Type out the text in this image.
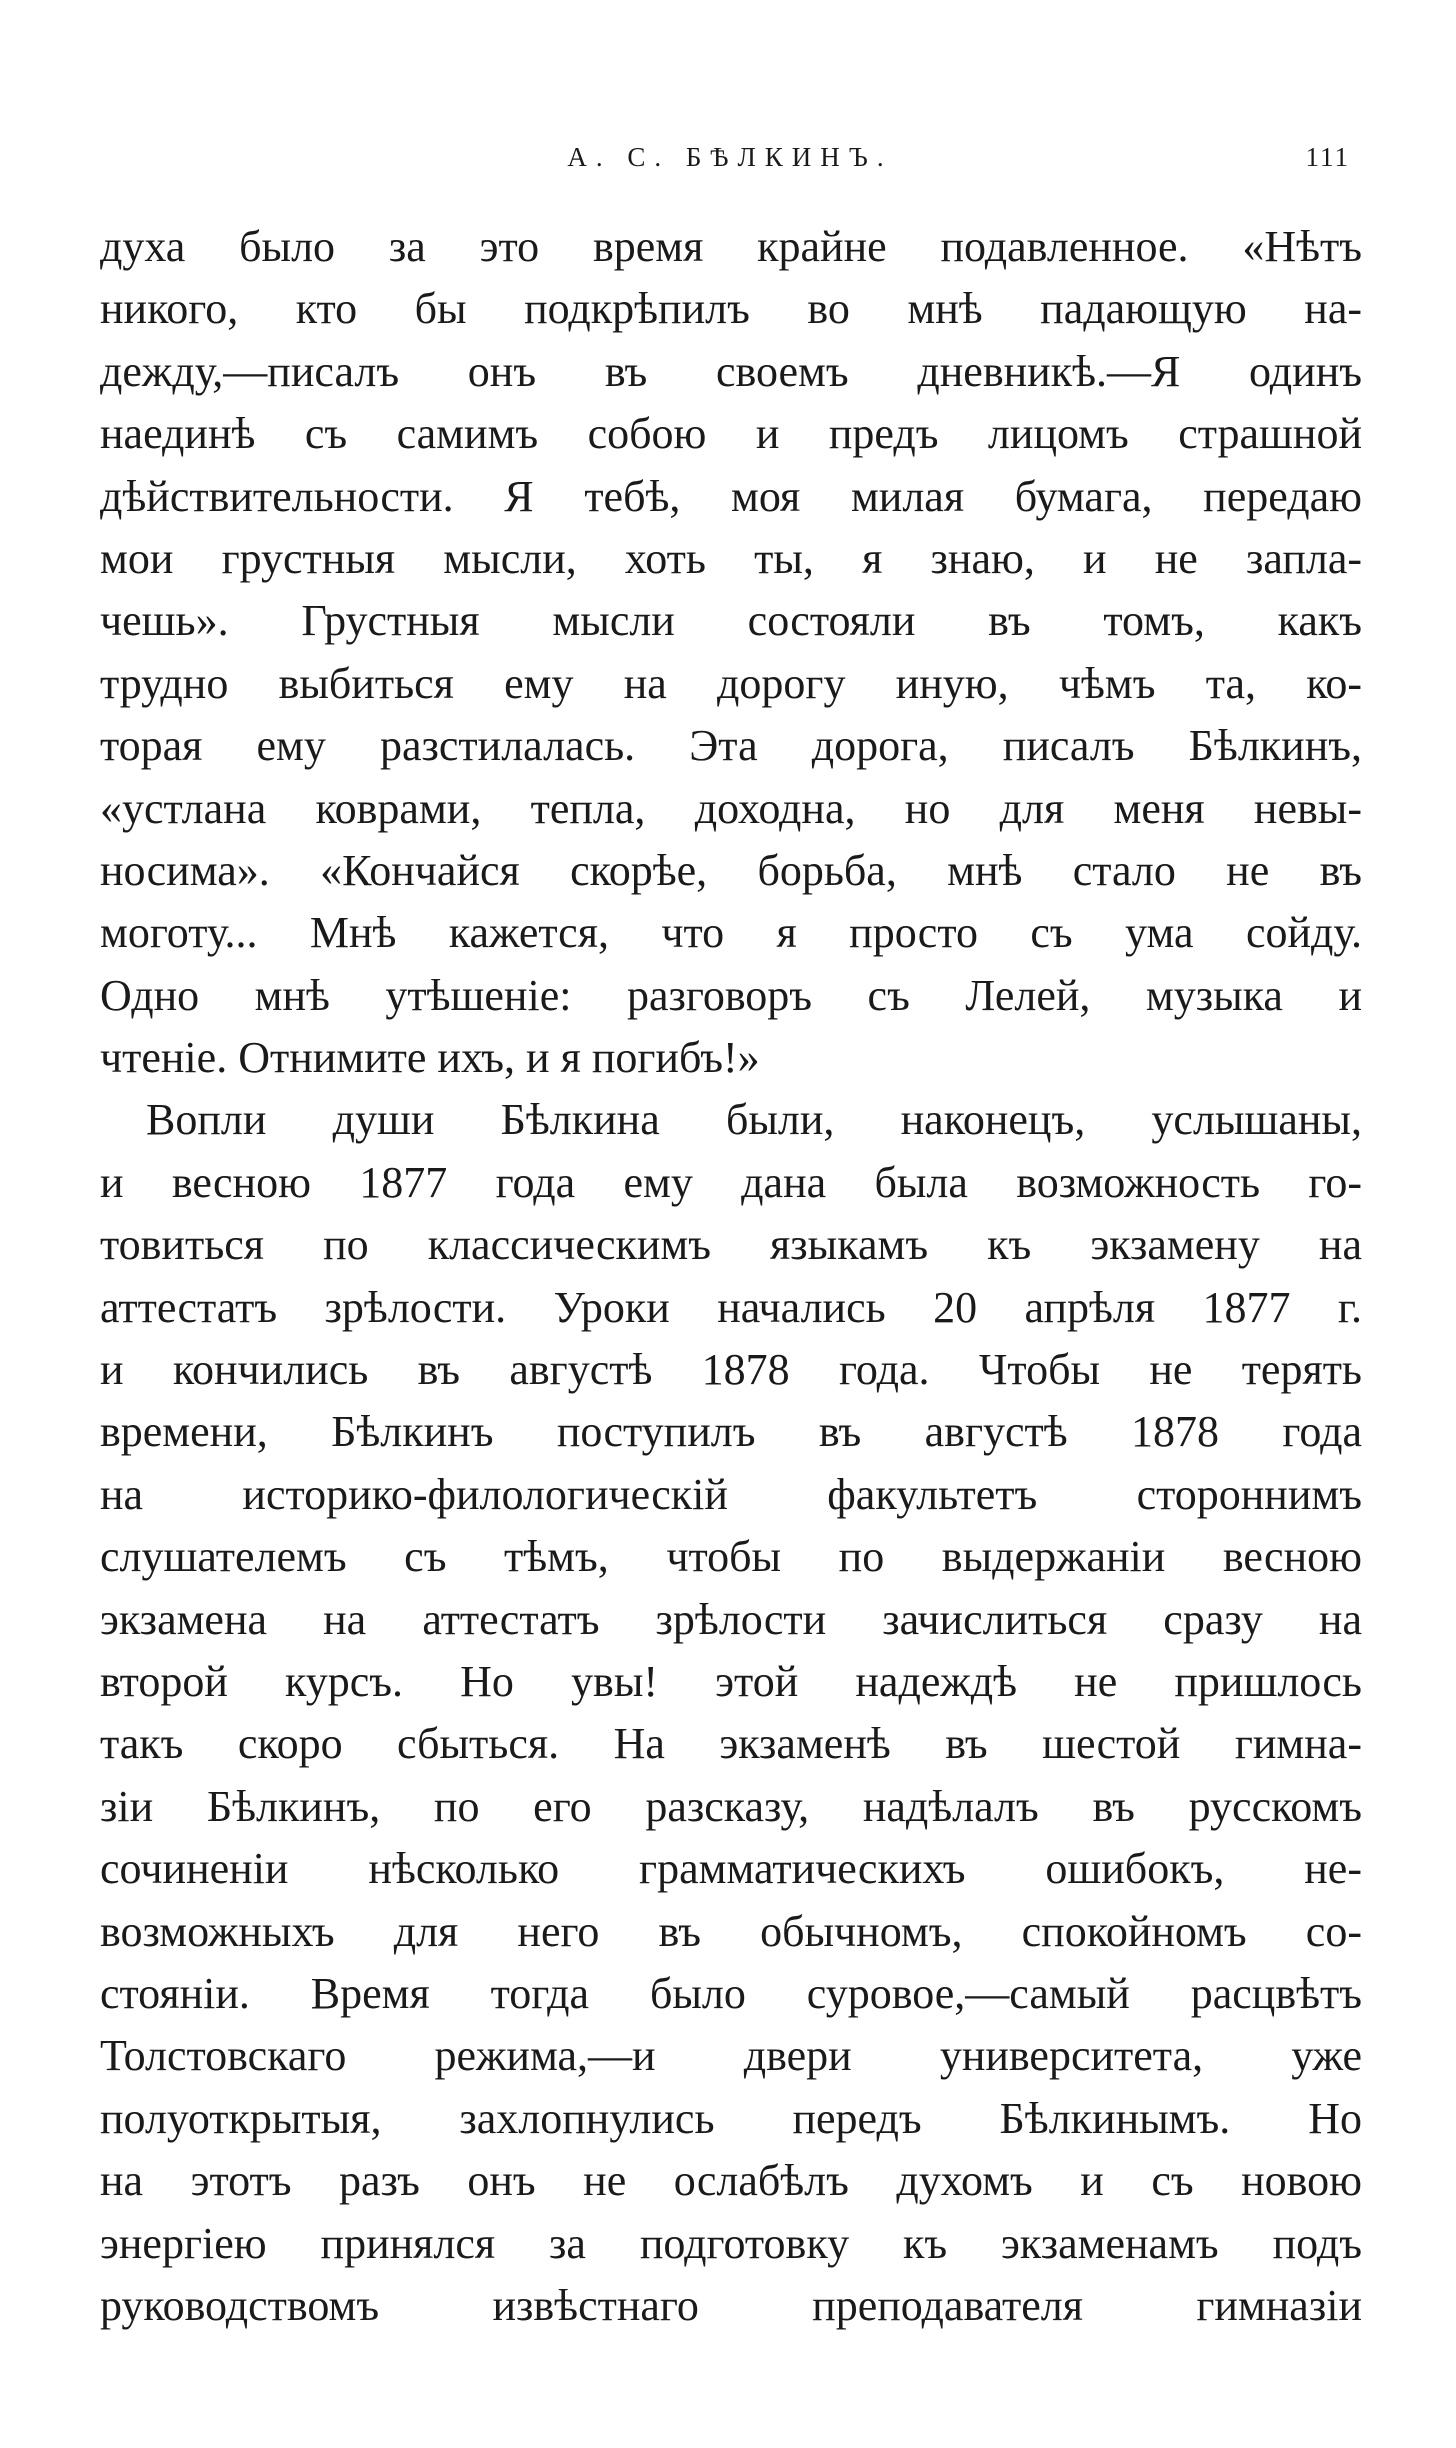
А. С. БѢЛКИНЪ.	111
духа было за это время крайне подавленное. «Нѣтъ
никого, кто бы подкрѣпилъ во мнѣ падающую на-
дежду,—писалъ онъ въ своемъ дневникѣ.—Я одинъ
наединѣ съ самимъ собою и предъ лицомъ страшной
дѣйствительности. Я тебѣ, моя милая бумага, передаю
мои грустныя мысли, хоть ты, я знаю, и не запла-
чешь». Грустныя мысли состояли въ томъ, какъ
трудно выбиться ему на дорогу иную, чѣмъ та, ко-
торая ему разстилалась. Эта дорога, писалъ Бѣлкинъ,
«устлана коврами, тепла, доходна, но для меня невы-
носима». «Кончайся скорѣе, борьба, мнѣ стало не въ
моготу... Мнѣ кажется, что я просто съ ума сойду.
Одно мнѣ утѣшеніе: разговоръ съ Лелей, музыка и
чтеніе. Отнимите ихъ, и я погибъ!»
Вопли души Бѣлкина были, наконецъ, услышаны,
и весною 1877 года ему дана была возможность го-
товиться по классическимъ языкамъ къ экзамену на
аттестатъ зрѣлости. Уроки начались 20 апрѣля 1877 г.
и кончились въ августѣ 1878 года. Чтобы не терять
времени, Бѣлкинъ поступилъ въ августѣ 1878 года
на историко-филологическій факультетъ стороннимъ
слушателемъ съ тѣмъ, чтобы по выдержаніи весною
экзамена на аттестатъ зрѣлости зачислиться сразу на
второй курсъ. Но увы! этой надеждѣ не пришлось
такъ скоро сбыться. На экзаменѣ въ шестой гимна-
зіи Бѣлкинъ, по его разсказу, надѣлалъ въ русскомъ
сочиненіи нѣсколько грамматическихъ ошибокъ, не-
возможныхъ для него въ обычномъ, спокойномъ со-
стояніи. Время тогда было суровое,—самый расцвѣтъ
Толстовскаго режима,—и двери университета, уже
полуоткрытыя, захлопнулись передъ Бѣлкинымъ. Но
на этотъ разъ онъ не ослабѣлъ духомъ и съ новою
энергіею принялся за подготовку къ экзаменамъ подъ
руководствомъ извѣстнаго преподавателя гимназіи
